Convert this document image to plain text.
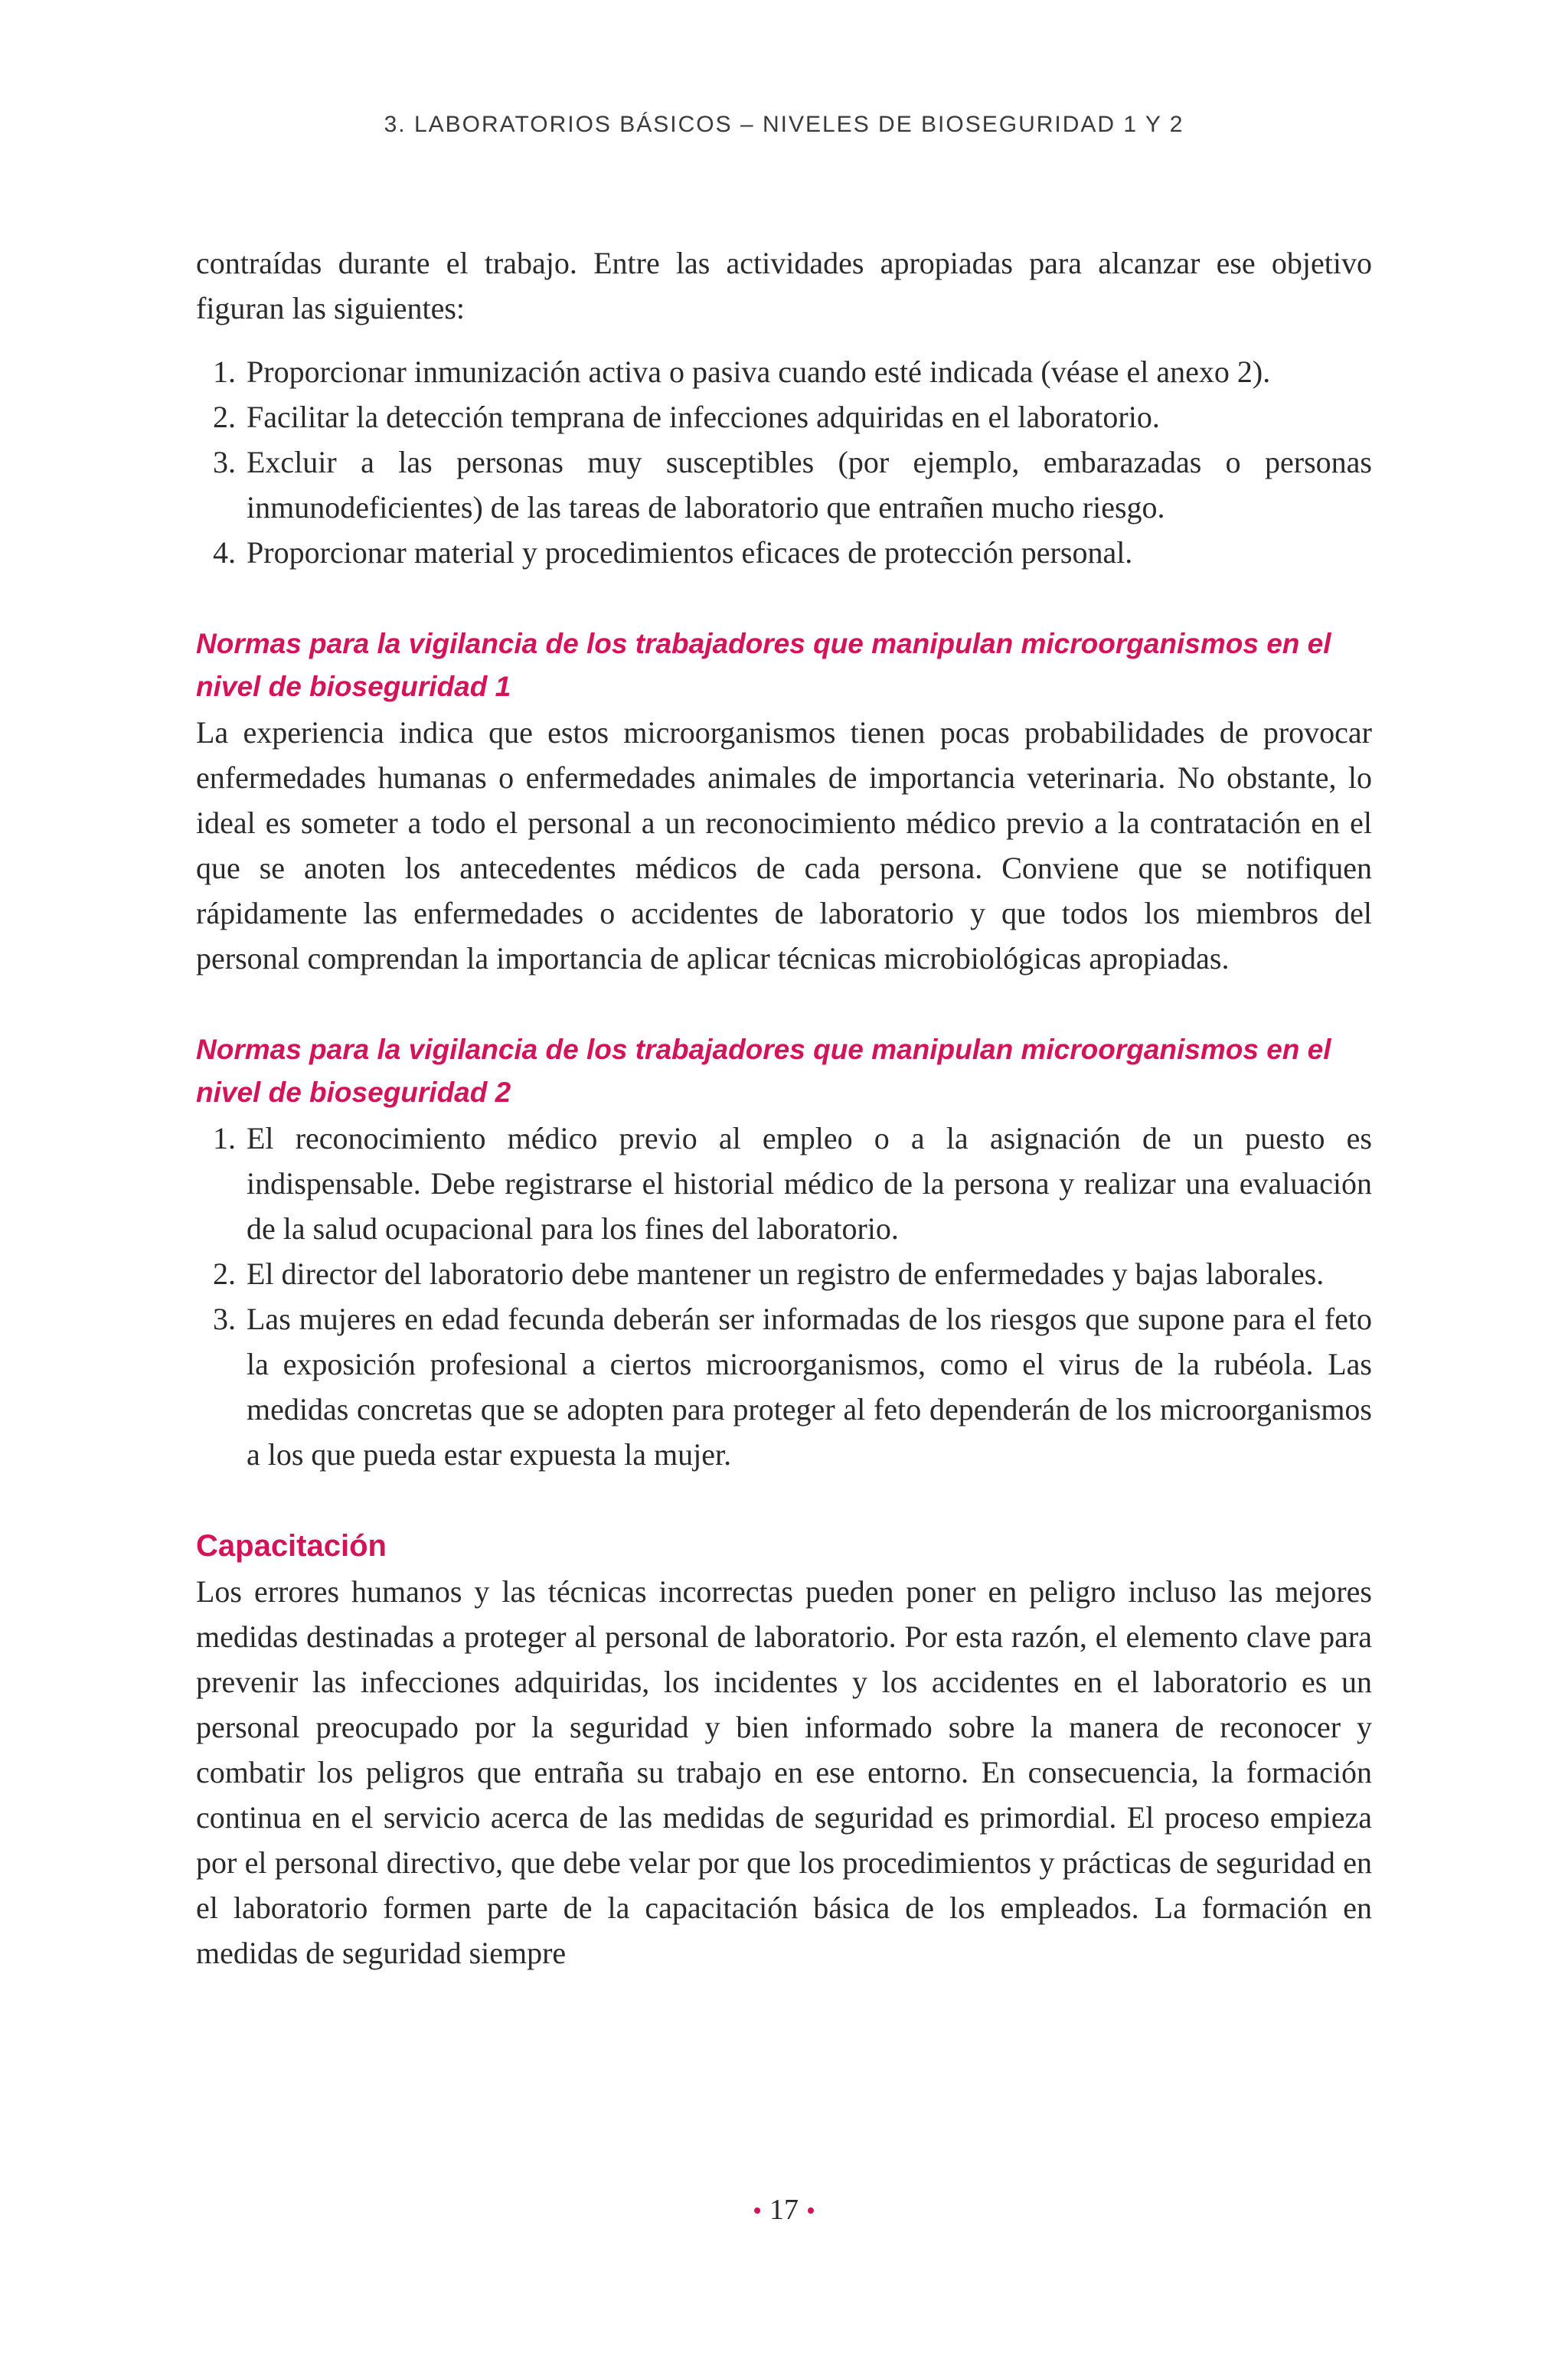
3. LABORATORIOS BÁSICOS – NIVELES DE BIOSEGURIDAD 1 Y 2

contraídas durante el trabajo. Entre las actividades apropiadas para alcanzar ese objetivo figuran las siguientes:

1. Proporcionar inmunización activa o pasiva cuando esté indicada (véase el anexo 2).
2. Facilitar la detección temprana de infecciones adquiridas en el laboratorio.
3. Excluir a las personas muy susceptibles (por ejemplo, embarazadas o personas inmunodeficientes) de las tareas de laboratorio que entrañen mucho riesgo.
4. Proporcionar material y procedimientos eficaces de protección personal.
Normas para la vigilancia de los trabajadores que manipulan microorganismos en el nivel de bioseguridad 1

La experiencia indica que estos microorganismos tienen pocas probabilidades de provocar enfermedades humanas o enfermedades animales de importancia veterinaria. No obstante, lo ideal es someter a todo el personal a un reconocimiento médico previo a la contratación en el que se anoten los antecedentes médicos de cada persona. Conviene que se notifiquen rápidamente las enfermedades o accidentes de laboratorio y que todos los miembros del personal comprendan la importancia de aplicar técnicas microbiológicas apropiadas.

Normas para la vigilancia de los trabajadores que manipulan microorganismos en el nivel de bioseguridad 2
1. El reconocimiento médico previo al empleo o a la asignación de un puesto es indispensable. Debe registrarse el historial médico de la persona y realizar una evaluación de la salud ocupacional para los fines del laboratorio.
2. El director del laboratorio debe mantener un registro de enfermedades y bajas laborales.
3. Las mujeres en edad fecunda deberán ser informadas de los riesgos que supone para el feto la exposición profesional a ciertos microorganismos, como el virus de la rubéola. Las medidas concretas que se adopten para proteger al feto dependerán de los microorganismos a los que pueda estar expuesta la mujer.
Capacitación

Los errores humanos y las técnicas incorrectas pueden poner en peligro incluso las mejores medidas destinadas a proteger al personal de laboratorio. Por esta razón, el elemento clave para prevenir las infecciones adquiridas, los incidentes y los accidentes en el laboratorio es un personal preocupado por la seguridad y bien informado sobre la manera de reconocer y combatir los peligros que entraña su trabajo en ese entorno. En consecuencia, la formación continua en el servicio acerca de las medidas de seguridad es primordial. El proceso empieza por el personal directivo, que debe velar por que los procedimientos y prácticas de seguridad en el laboratorio formen parte de la capacitación básica de los empleados. La formación en medidas de seguridad siempre

• 17 •
